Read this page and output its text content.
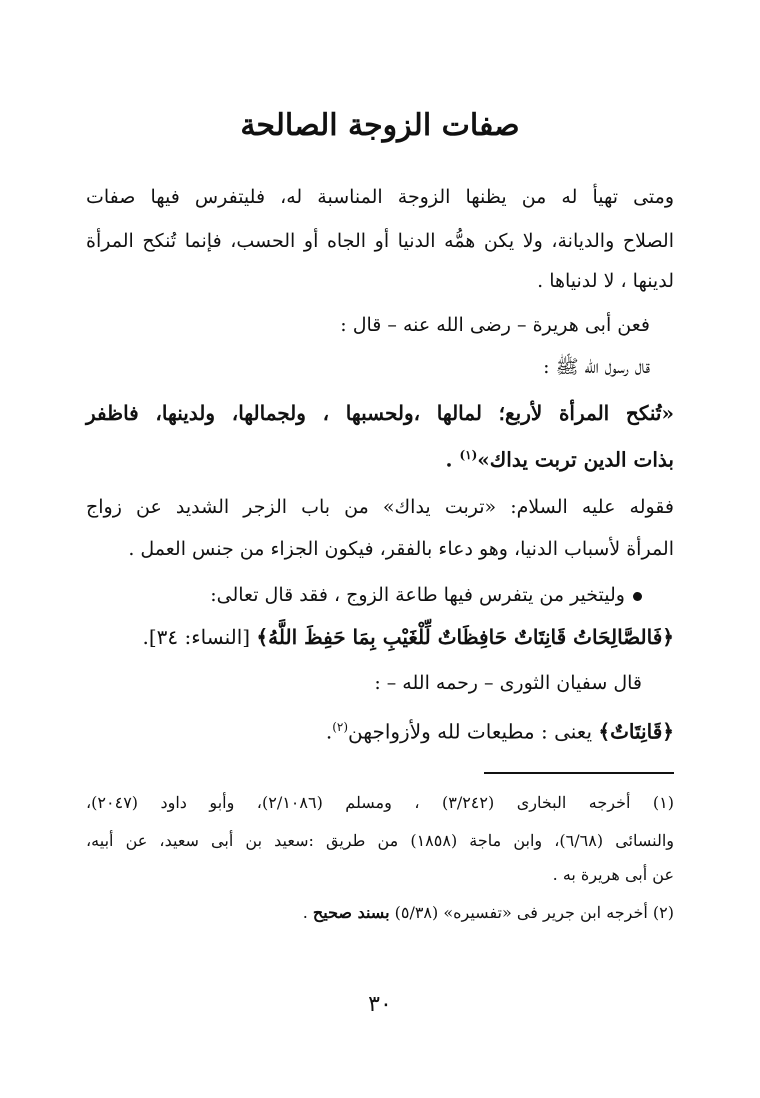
صفات الزوجة الصالحة

ومتى تهيأ له من يظنها الزوجة المناسبة له، فليتفرس فيها صفات

الصلاح والديانة، ولا يكن همُّه الدنيا أو الجاه أو الحسب، فإنما تُنكح المرأة

لدينها ، لا لدنياها .

فعن أبى هريرة – رضى الله عنه – قال :

قال رسول الله ﷺ :

«تُنكح المرأة لأربع؛ لمالها ،ولحسبها ، ولجمالها، ولدينها، فاظفر

بذات الدين تربت يداك»$^{(١)}$ .

فقوله عليه السلام: «تربت يداك» من باب الزجر الشديد عن زواج

المرأة لأسباب الدنيا، وهو دعاء بالفقر، فيكون الجزاء من جنس العمل .

وليتخير من يتفرس فيها طاعة الزوج ، فقد قال تعالى:

﴿فَالصَّالِحَاتُ قَانِتَاتٌ حَافِظَاتٌ لِّلْغَيْبِ بِمَا حَفِظَ اللَّهُ﴾ [النساء: ٣٤].

قال سفيان الثورى – رحمه الله – :

﴿قَانِتَاتٌ﴾ يعنى : مطيعات لله ولأزواجهن$^{(٢)}$.

(١) أخرجه البخارى (٣/٢٤٢) ، ومسلم (٢/١٠٨٦)، وأبو داود (٢٠٤٧)،

والنسائى (٦/٦٨)، وابن ماجة (١٨٥٨) من طريق :سعيد بن أبى سعيد، عن أبيه،

عن أبى هريرة به .

(٢) أخرجه ابن جرير فى «تفسيره» (٥/٣٨) بسند صحيح .

٣٠
